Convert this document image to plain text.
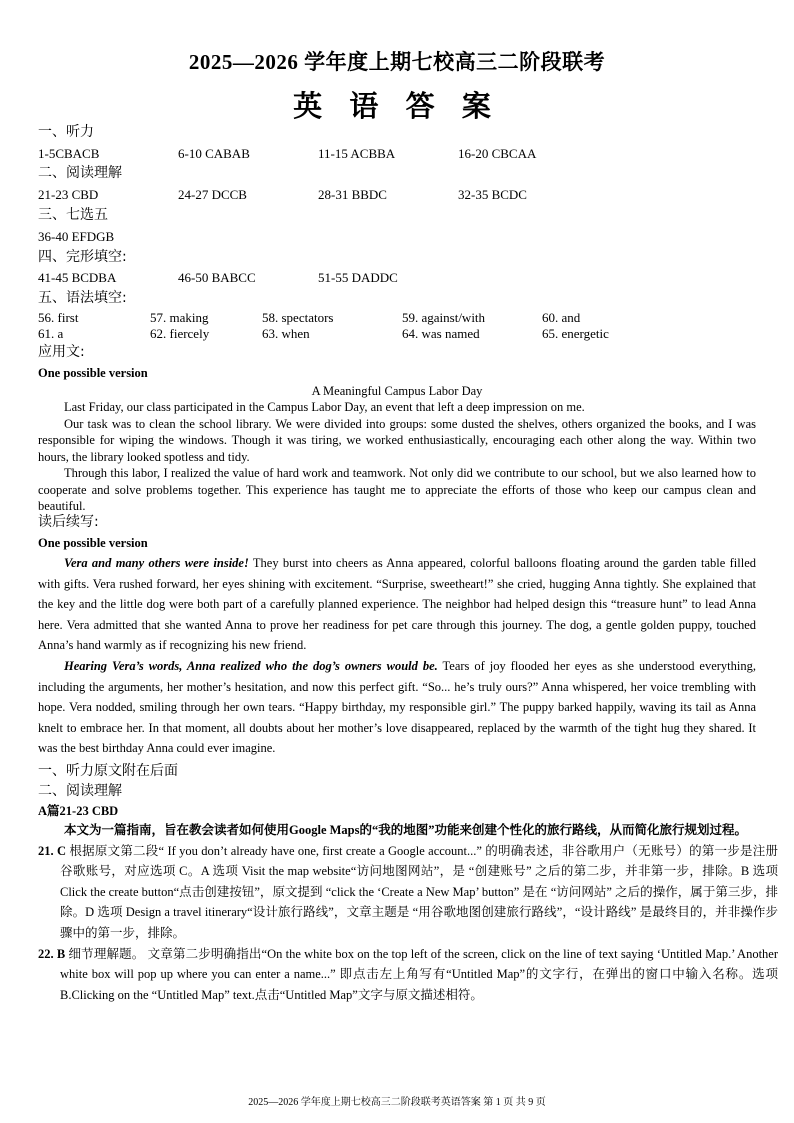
2025—2026 学年度上期七校高三二阶段联考
英 语 答 案
一、听力
1-5CBACB	6-10 CABAB	11-15 ACBBA	16-20 CBCAA
二、阅读理解
21-23 CBD	24-27 DCCB	28-31 BBDC	32-35 BCDC
三、七选五
36-40 EFDGB
四、完形填空:
41-45 BCDBA	46-50 BABCC	51-55 DADDC
五、语法填空:
56. first	57. making	58. spectators	59. against/with	60. and
61. a	62. fiercely	63. when	64. was named	65. energetic
应用文:
One possible version
A Meaningful Campus Labor Day
Last Friday, our class participated in the Campus Labor Day, an event that left a deep impression on me.
Our task was to clean the school library. We were divided into groups: some dusted the shelves, others organized the books, and I was responsible for wiping the windows. Though it was tiring, we worked enthusiastically, encouraging each other along the way. Within two hours, the library looked spotless and tidy.
Through this labor, I realized the value of hard work and teamwork. Not only did we contribute to our school, but we also learned how to cooperate and solve problems together. This experience has taught me to appreciate the efforts of those who keep our campus clean and beautiful.
读后续写:
One possible version
Vera and many others were inside! They burst into cheers as Anna appeared, colorful balloons floating around the garden table filled with gifts. Vera rushed forward, her eyes shining with excitement. “Surprise, sweetheart!” she cried, hugging Anna tightly. She explained that the key and the little dog were both part of a carefully planned experience. The neighbor had helped design this “treasure hunt” to lead Anna here. Vera admitted that she wanted Anna to prove her readiness for pet care through this journey. The dog, a gentle golden puppy, touched Anna’s hand warmly as if recognizing his new friend.
Hearing Vera’s words, Anna realized who the dog’s owners would be. Tears of joy flooded her eyes as she understood everything, including the arguments, her mother’s hesitation, and now this perfect gift. “So... he’s truly ours?” Anna whispered, her voice trembling with hope. Vera nodded, smiling through her own tears. “Happy birthday, my responsible girl.” The puppy barked happily, waving its tail as Anna knelt to embrace her. In that moment, all doubts about her mother’s love disappeared, replaced by the warmth of the tight hug they shared. It was the best birthday Anna could ever imagine.
一、听力原文附在后面
二、阅读理解
A篇21-23 CBD
本文为一篇指南，旨在教会读者如何使用Google Maps的“我的地图”功能来创建个性化的旅行路线，从而简化旅行规划过程。
21. C 根据原文第二段“ If you don’t already have one, first create a Google account...” 的明确表述，非谷歌用户（无账号）的第一步是注册谷歌账号，对应选项 C。A 选项 Visit the map website“访问地图网站”，是 “创建账号” 之后的第二步，并非第一步，排除。B 选项 Click the create button“点击创建按钮”，原文提到 “click the ‘Create a New Map’ button” 是在 “访问网站” 之后的操作，属于第三步，排除。D 选项 Design a travel itinerary“设计旅行路线”，文章主题是 “用谷歌地图创建旅行路线”，“设计路线” 是最终目的，并非操作步骤中的第一步，排除。
22. B 细节理解题。 文章第二步明确指出“On the white box on the top left of the screen, click on the line of text saying ‘Untitled Map.’ Another white box will pop up where you can enter a name...” 即点击左上角写有“Untitled Map”的文字行，在弹出的窗口中输入名称。选项 B.Clicking on the “Untitled Map” text.点击“Untitled Map”文字与原文描述相符。
2025—2026 学年度上期七校高三二阶段联考英语答案 第 1 页 共 9 页
